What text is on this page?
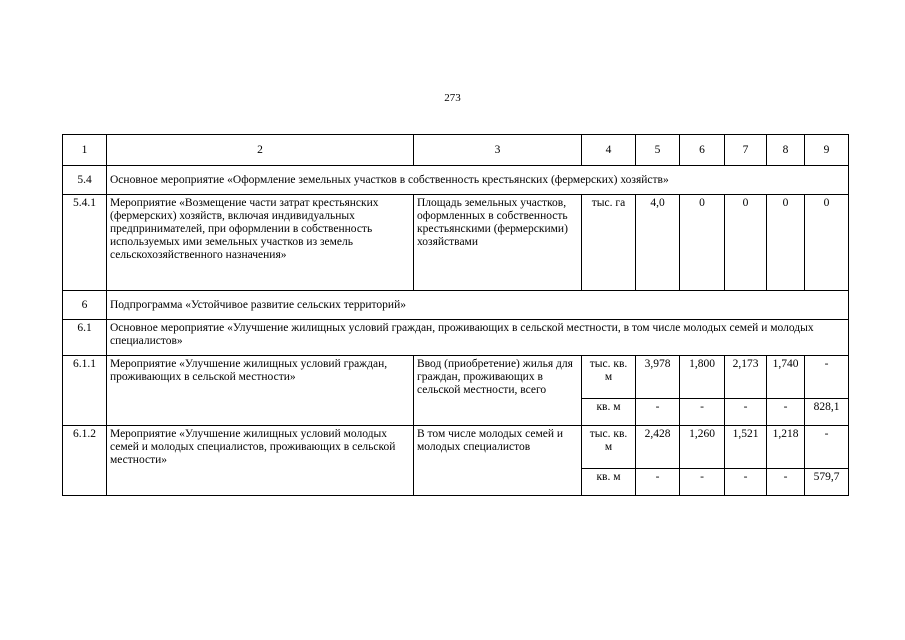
273
1	2	3	4	5	6	7	8	9
5.4	Основное мероприятие «Оформление земельных участков в собственность крестьянских (фермерских) хозяйств»							
5.4.1	Мероприятие «Возмещение части затрат крестьянских (фермерских) хозяйств, включая индивидуальных предпринимателей, при оформлении в собственность используемых ими земельных участков из земель сельскохозяйственного назначения»	Площадь земельных участков, оформленных в собственность крестьянскими (фермерскими) хозяйствами	тыс. га	4,0	0	0	0	0
6	Подпрограмма «Устойчивое развитие сельских территорий»							
6.1	Основное мероприятие «Улучшение жилищных условий граждан, проживающих в сельской местности, в том числе молодых семей и молодых специалистов»							
6.1.1	Мероприятие «Улучшение жилищных условий граждан, проживающих в сельской местности»	Ввод (приобретение) жилья для граждан, проживающих в сельской местности, всего	тыс. кв. м	3,978	1,800	2,173	1,740	-
			кв. м	-	-	-	-	828,1
6.1.2	Мероприятие «Улучшение жилищных условий молодых семей и молодых специалистов, проживающих в сельской местности»	В том числе молодых семей и молодых специалистов	тыс. кв. м	2,428	1,260	1,521	1,218	-
			кв. м	-	-	-	-	579,7
